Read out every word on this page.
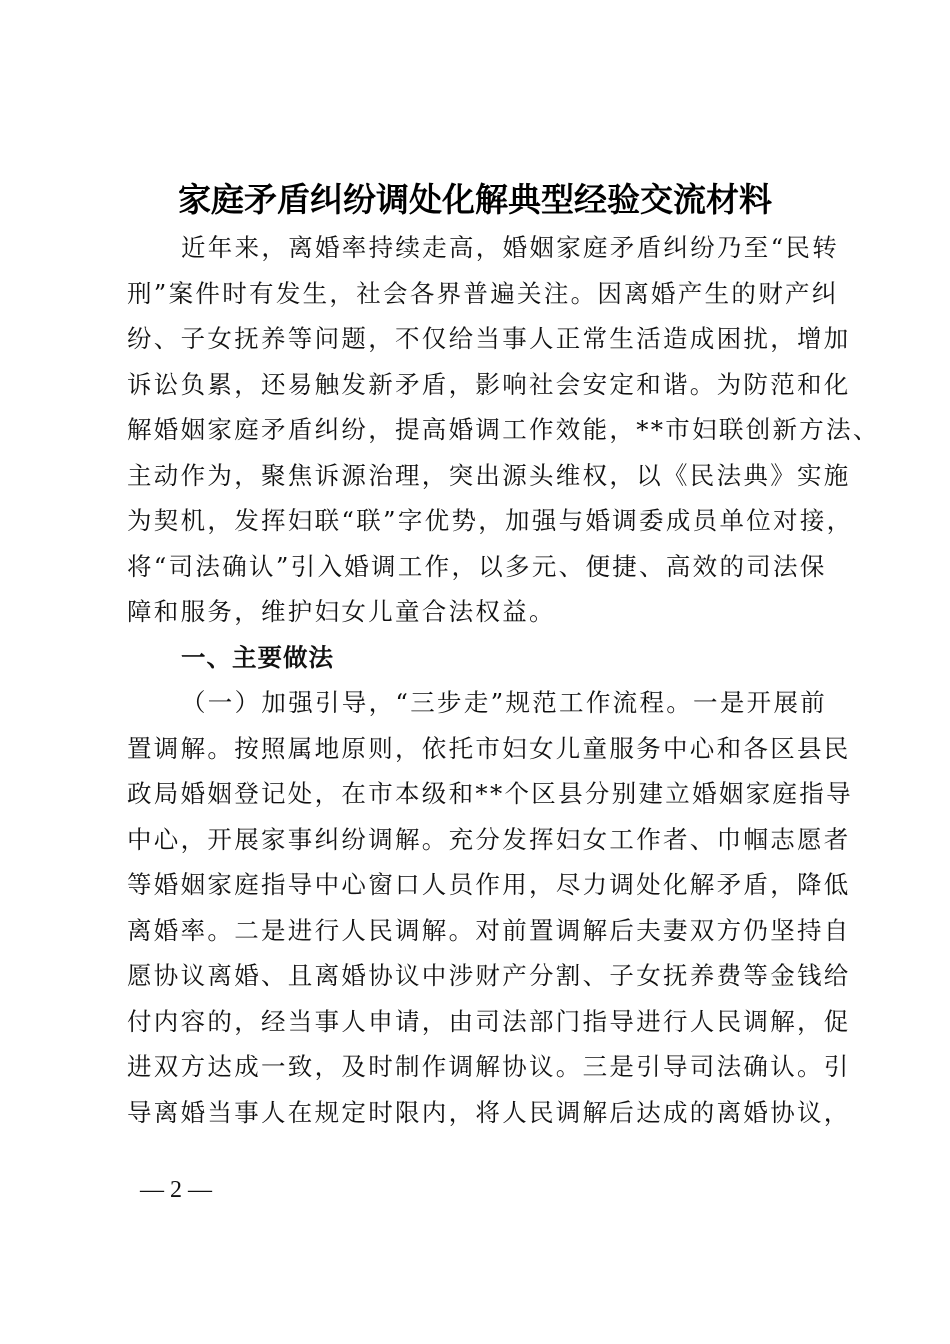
家庭矛盾纠纷调处化解典型经验交流材料
近年来，离婚率持续走高，婚姻家庭矛盾纠纷乃至“民转
刑”案件时有发生，社会各界普遍关注。因离婚产生的财产纠
纷、子女抚养等问题，不仅给当事人正常生活造成困扰，增加
诉讼负累，还易触发新矛盾，影响社会安定和谐。为防范和化
解婚姻家庭矛盾纠纷，提高婚调工作效能，**市妇联创新方法、
主动作为，聚焦诉源治理，突出源头维权，以《民法典》实施
为契机，发挥妇联“联”字优势，加强与婚调委成员单位对接，
将“司法确认”引入婚调工作，以多元、便捷、高效的司法保
障和服务，维护妇女儿童合法权益。
一、主要做法
（一）加强引导，“三步走”规范工作流程。一是开展前
置调解。按照属地原则，依托市妇女儿童服务中心和各区县民
政局婚姻登记处，在市本级和**个区县分别建立婚姻家庭指导
中心，开展家事纠纷调解。充分发挥妇女工作者、巾帼志愿者
等婚姻家庭指导中心窗口人员作用，尽力调处化解矛盾，降低
离婚率。二是进行人民调解。对前置调解后夫妻双方仍坚持自
愿协议离婚、且离婚协议中涉财产分割、子女抚养费等金钱给
付内容的，经当事人申请，由司法部门指导进行人民调解，促
进双方达成一致，及时制作调解协议。三是引导司法确认。引
导离婚当事人在规定时限内，将人民调解后达成的离婚协议，
— 2 —
